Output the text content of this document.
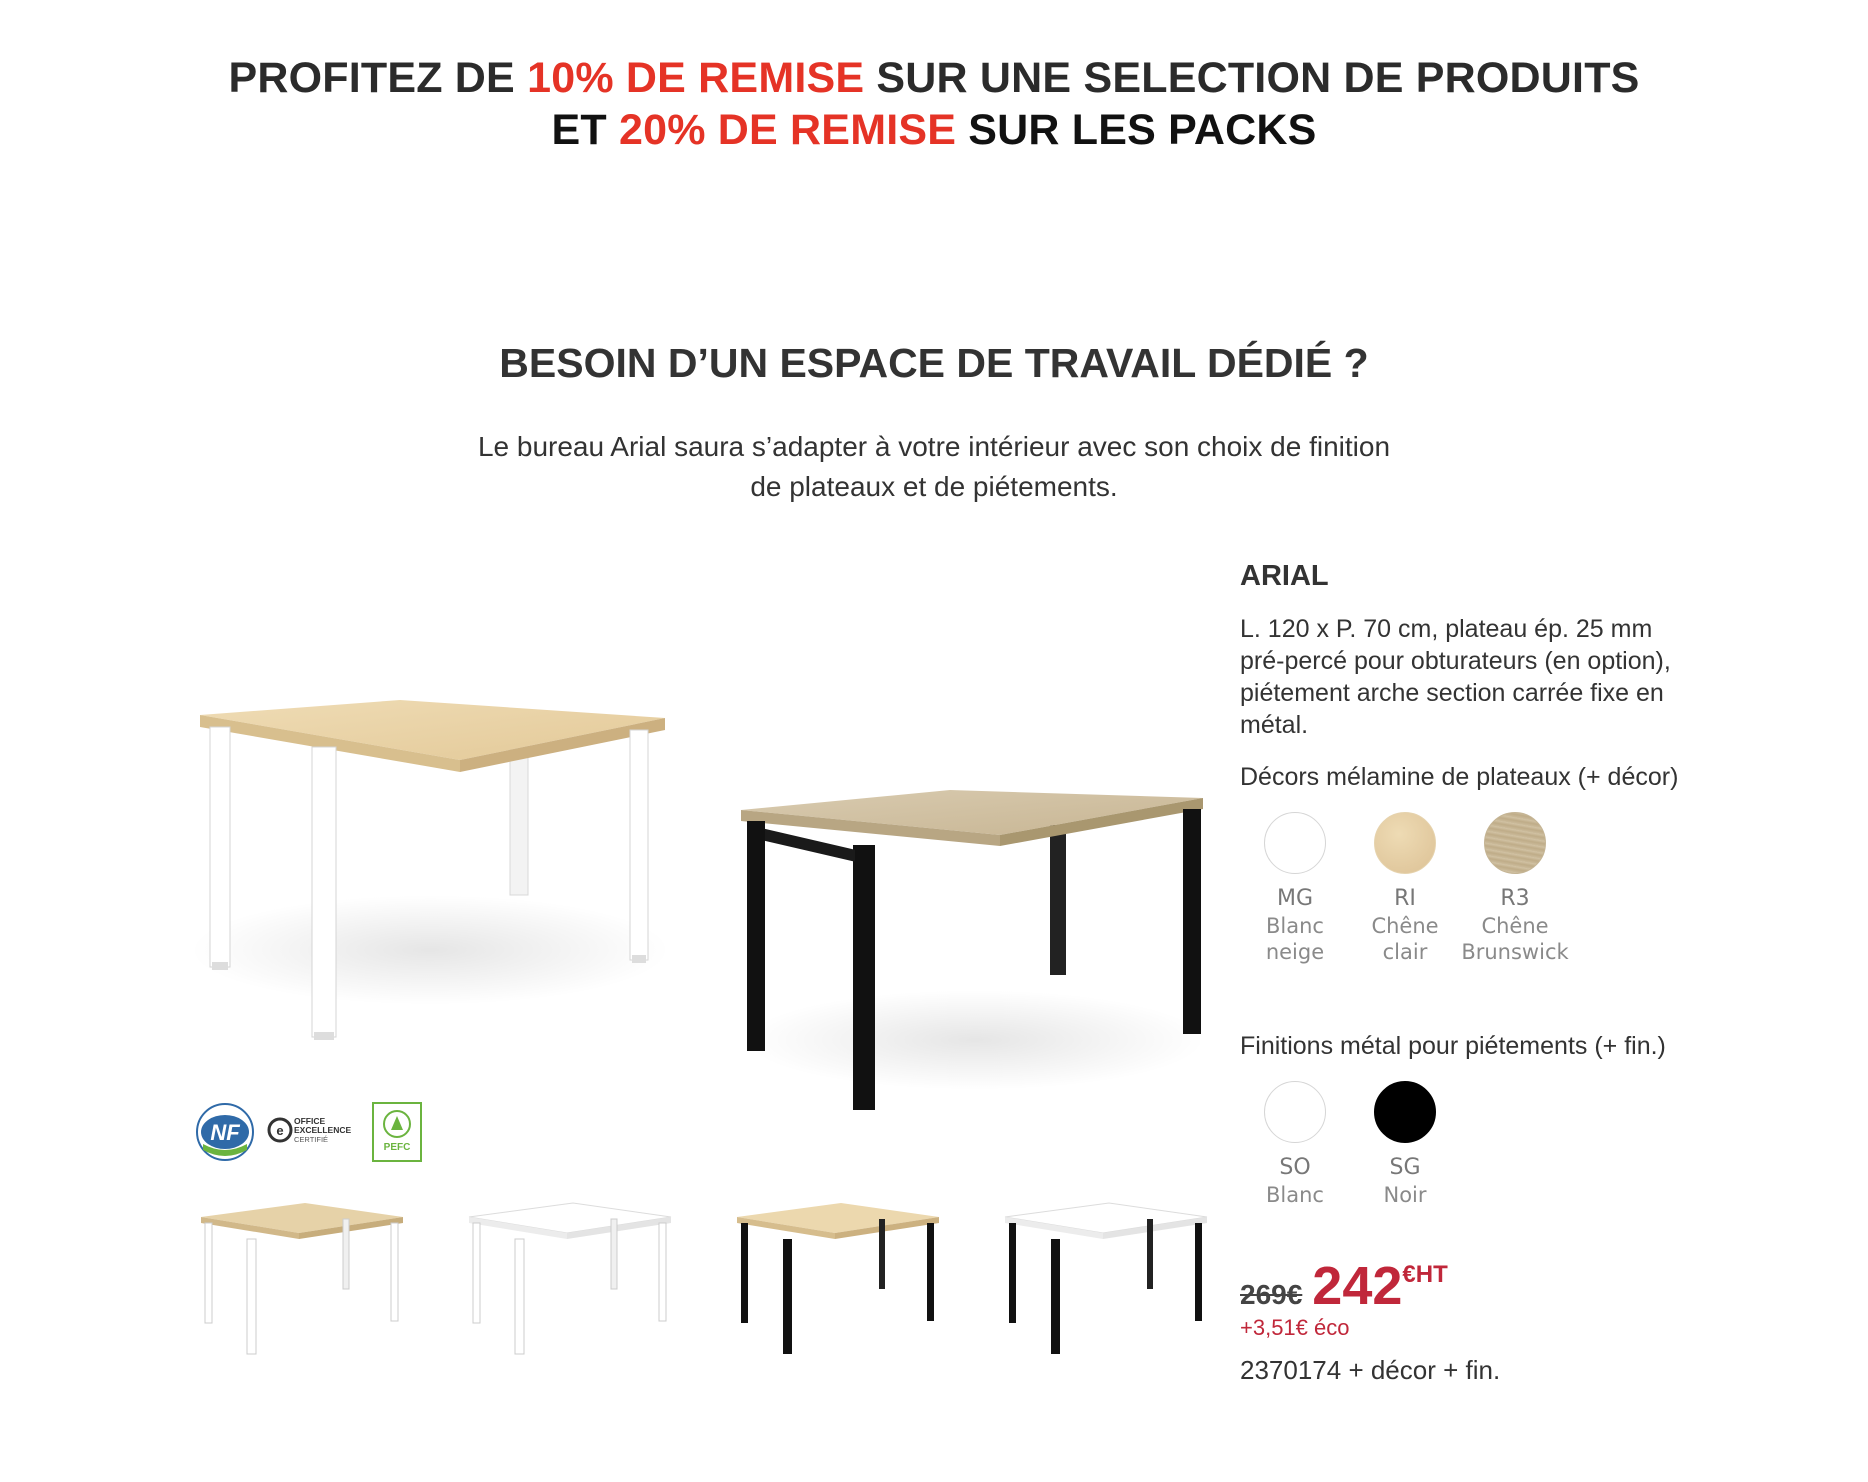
PROFITEZ DE 10% DE REMISE SUR UNE SELECTION DE PRODUITS
ET 20% DE REMISE SUR LES PACKS
BESOIN D’UN ESPACE DE TRAVAIL DÉDIÉ ?
Le bureau Arial saura s’adapter à votre intérieur avec son choix de finition
de plateaux et de piétements.
NF	e
OFFICE
EXCELLENCE
CERTIFIÉ
PEFC
ARIAL
L. 120 x P. 70 cm, plateau ép. 25 mm
pré-percé pour obturateurs (en option),
piétement arche section carrée fixe en
métal.
Décors mélamine de plateaux (+ décor)
MG
Blanc
neige
RI
Chêne
clair
R3
Chêne
Brunswick
Finitions métal pour piétements (+ fin.)
SO
Blanc
SG
Noir
269€ 242€HT
+3,51€ éco
2370174 + décor + fin.
